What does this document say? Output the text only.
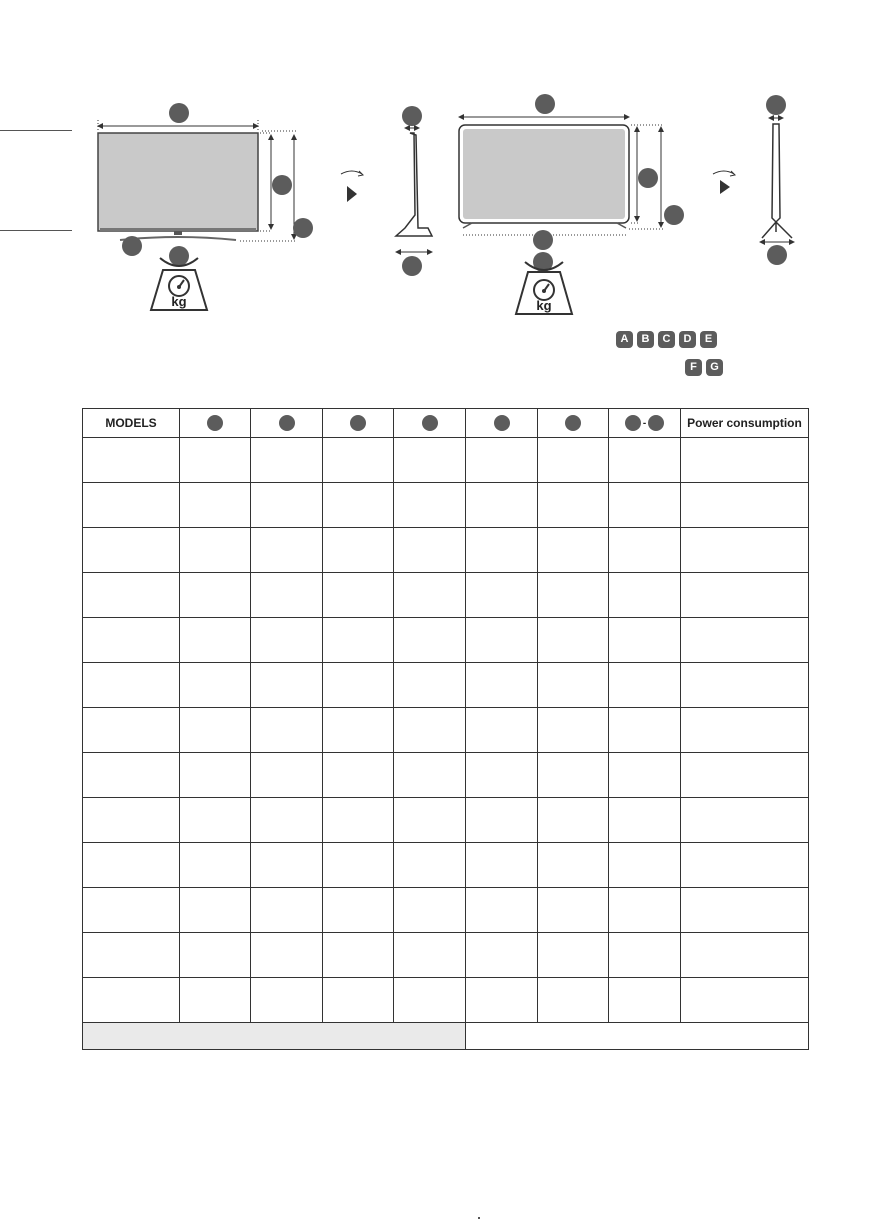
kg	kg
A	B	C	D	E
F	G
MODELS							-	Power consumption
